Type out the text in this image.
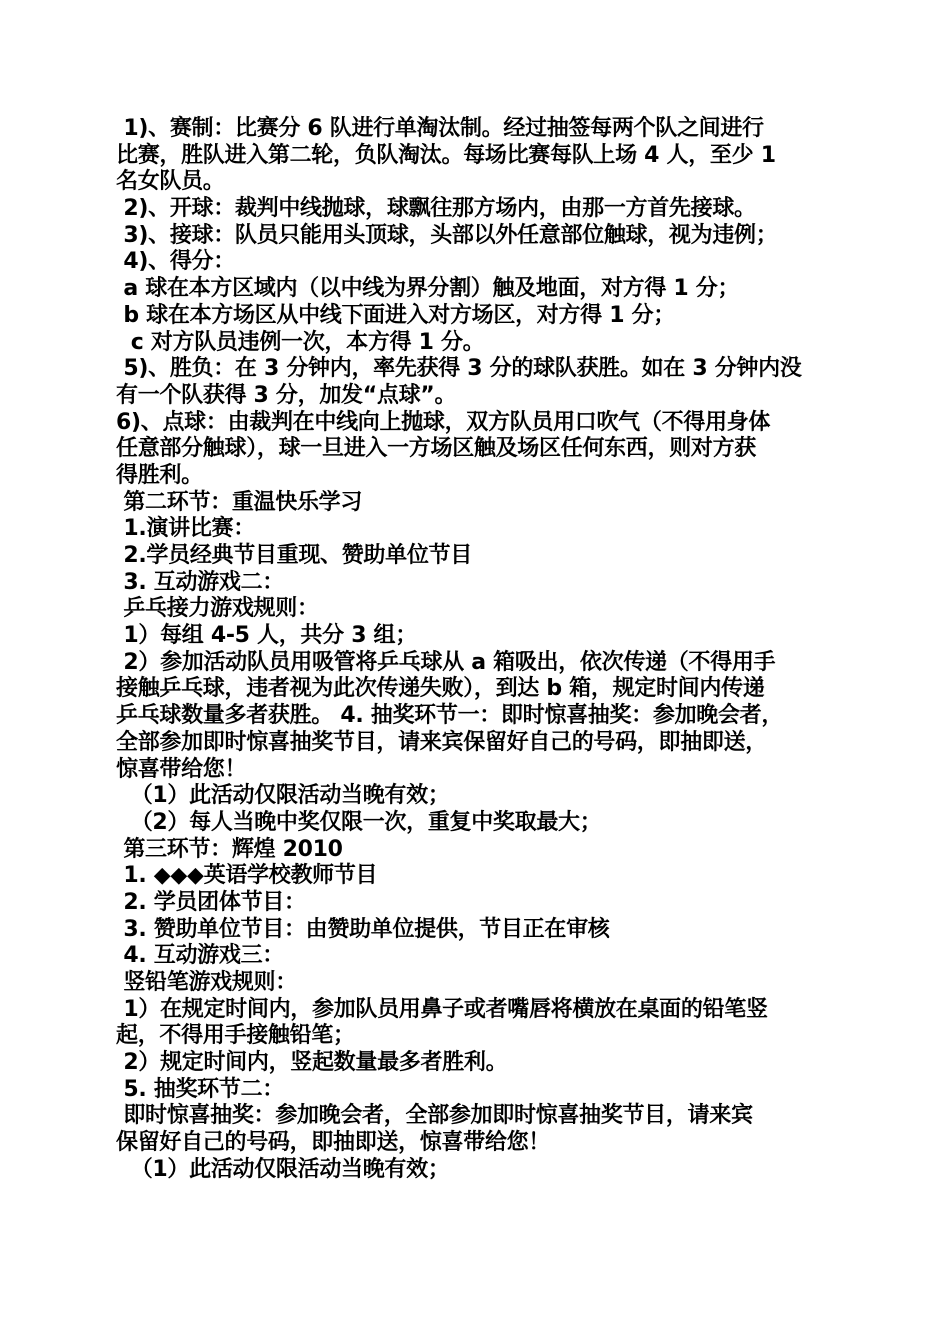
1)、赛制：比赛分 6 队进行单淘汰制。经过抽签每两个队之间进行
比赛，胜队进入第二轮，负队淘汰。每场比赛每队上场 4 人，至少 1
名女队员。
2)、开球：裁判中线抛球，球飘往那方场内，由那一方首先接球。
3)、接球：队员只能用头顶球，头部以外任意部位触球，视为违例；
4)、得分：
a 球在本方区域内（以中线为界分割）触及地面，对方得 1 分；
b 球在本方场区从中线下面进入对方场区，对方得 1 分；
c 对方队员违例一次，本方得 1 分。
5)、胜负：在 3 分钟内，率先获得 3 分的球队获胜。如在 3 分钟内没
有一个队获得 3 分，加发“点球”。
6)、点球：由裁判在中线向上抛球，双方队员用口吹气（不得用身体
任意部分触球），球一旦进入一方场区触及场区任何东西，则对方获
得胜利。
第二环节：重温快乐学习
1.演讲比赛：
2.学员经典节目重现、赞助单位节目
3. 互动游戏二：
乒乓接力游戏规则：
1）每组 4-5 人，共分 3 组；
2）参加活动队员用吸管将乒乓球从 a 箱吸出，依次传递（不得用手
接触乒乓球，违者视为此次传递失败），到达 b 箱，规定时间内传递
乒乓球数量多者获胜。 4. 抽奖环节一：即时惊喜抽奖：参加晚会者，
全部参加即时惊喜抽奖节目，请来宾保留好自己的号码，即抽即送，
惊喜带给您！
（1）此活动仅限活动当晚有效；
（2）每人当晚中奖仅限一次，重复中奖取最大；
第三环节：辉煌 2010
1. ◆◆◆英语学校教师节目
2. 学员团体节目：
3. 赞助单位节目：由赞助单位提供，节目正在审核
4. 互动游戏三：
竖铅笔游戏规则：
1）在规定时间内，参加队员用鼻子或者嘴唇将横放在桌面的铅笔竖
起，不得用手接触铅笔；
2）规定时间内，竖起数量最多者胜利。
5. 抽奖环节二：
即时惊喜抽奖：参加晚会者，全部参加即时惊喜抽奖节目，请来宾
保留好自己的号码，即抽即送，惊喜带给您！
（1）此活动仅限活动当晚有效；
